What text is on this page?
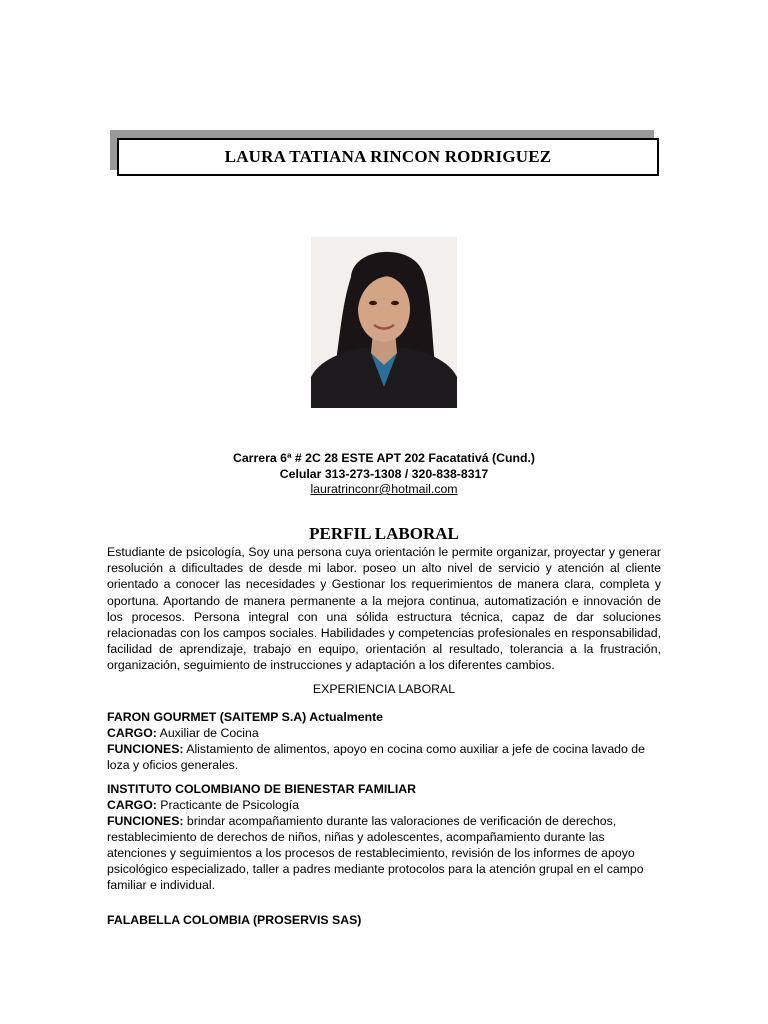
LAURA TATIANA RINCON RODRIGUEZ
Carrera 6ª # 2C 28 ESTE APT 202 Facatativá (Cund.)
Celular 313-273-1308 / 320-838-8317
lauratrinconr@hotmail.com
PERFIL LABORAL
Estudiante de psicología, Soy una persona cuya orientación le permite organizar, proyectar y generar resolución a dificultades de desde mi labor. poseo un alto nivel de servicio y atención al cliente orientado a conocer las necesidades y Gestionar los requerimientos de manera clara, completa y oportuna. Aportando de manera permanente a la mejora continua, automatización e innovación de los procesos. Persona integral con una sólida estructura técnica, capaz de dar soluciones relacionadas con los campos sociales. Habilidades y competencias profesionales en responsabilidad, facilidad de aprendizaje, trabajo en equipo, orientación al resultado, tolerancia a la frustración, organización, seguimiento de instrucciones y adaptación a los diferentes cambios.
EXPERIENCIA LABORAL
FARON GOURMET (SAITEMP S.A) Actualmente
CARGO: Auxiliar de Cocina
FUNCIONES: Alistamiento de alimentos, apoyo en cocina como auxiliar a jefe de cocina lavado de loza y oficios generales.
INSTITUTO COLOMBIANO DE BIENESTAR FAMILIAR
CARGO: Practicante de Psicología
FUNCIONES: brindar acompañamiento durante las valoraciones de verificación de derechos, restablecimiento de derechos de niños, niñas y adolescentes, acompañamiento durante las atenciones y seguimientos a los procesos de restablecimiento, revisión de los informes de apoyo psicológico especializado, taller a padres mediante protocolos para la atención grupal en el campo familiar e individual.
FALABELLA COLOMBIA (PROSERVIS SAS)
